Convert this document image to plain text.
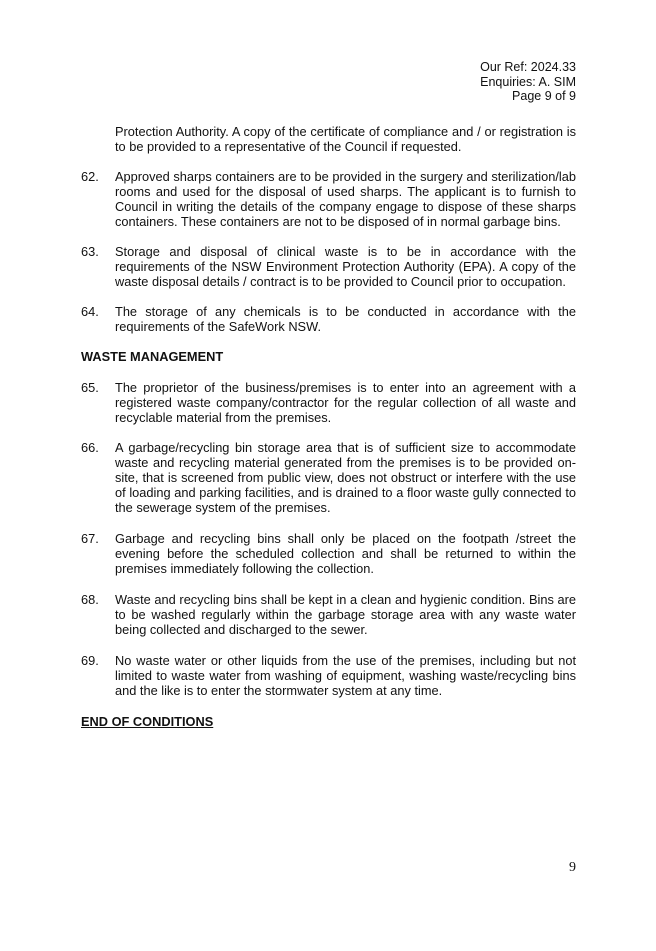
Our Ref: 2024.33
Enquiries: A. SIM
Page 9 of 9
Protection Authority. A copy of the certificate of compliance and / or registration is to be provided to a representative of the Council if requested.
62.	Approved sharps containers are to be provided in the surgery and sterilization/lab rooms and used for the disposal of used sharps. The applicant is to furnish to Council in writing the details of the company engage to dispose of these sharps containers. These containers are not to be disposed of in normal garbage bins.
63.	Storage and disposal of clinical waste is to be in accordance with the requirements of the NSW Environment Protection Authority (EPA). A copy of the waste disposal details / contract is to be provided to Council prior to occupation.
64.	The storage of any chemicals is to be conducted in accordance with the requirements of the SafeWork NSW.
WASTE MANAGEMENT
65.	The proprietor of the business/premises is to enter into an agreement with a registered waste company/contractor for the regular collection of all waste and recyclable material from the premises.
66.	A garbage/recycling bin storage area that is of sufficient size to accommodate waste and recycling material generated from the premises is to be provided on-site, that is screened from public view, does not obstruct or interfere with the use of loading and parking facilities, and is drained to a floor waste gully connected to the sewerage system of the premises.
67.	Garbage and recycling bins shall only be placed on the footpath /street the evening before the scheduled collection and shall be returned to within the premises immediately following the collection.
68.	Waste and recycling bins shall be kept in a clean and hygienic condition. Bins are to be washed regularly within the garbage storage area with any waste water being collected and discharged to the sewer.
69.	No waste water or other liquids from the use of the premises, including but not limited to waste water from washing of equipment, washing waste/recycling bins and the like is to enter the stormwater system at any time.
END OF CONDITIONS
9
